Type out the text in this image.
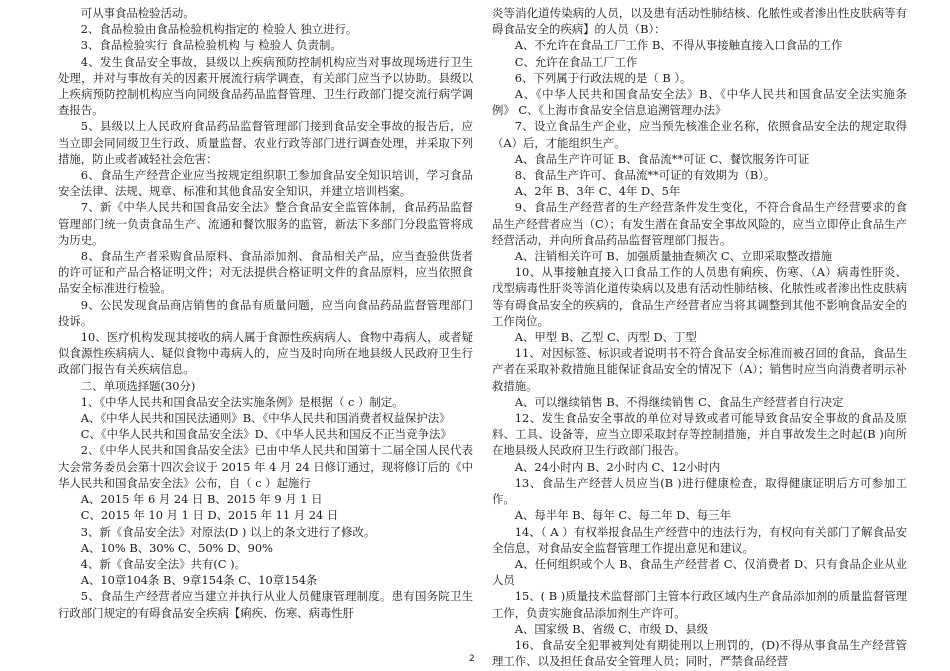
可从事食品检验活动。

2、食品检验由食品检验机构指定的 检验人 独立进行。

3、食品检验实行 食品检验机构 与 检验人 负责制。

4、发生食品安全事故，县级以上疾病预防控制机构应当对事故现场进行卫生处理，并对与事故有关的因素开展流行病学调查，有关部门应当予以协助。县级以上疾病预防控制机构应当向同级食品药品监督管理、卫生行政部门提交流行病学调查报告。

5、县级以上人民政府食品药品监督管理部门接到食品安全事故的报告后，应当立即会同同级卫生行政、质量监督、农业行政等部门进行调查处理，并采取下列措施，防止或者减轻社会危害：

6、食品生产经营企业应当按规定组织职工参加食品安全知识培训，学习食品安全法律、法规、规章、标准和其他食品安全知识，并建立培训档案。

7、新《中华人民共和国食品安全法》整合食品安全监管体制，食品药品监督管理部门统一负责食品生产、流通和餐饮服务的监管，新法下多部门分段监管将成为历史。

8、食品生产者采购食品原料、食品添加剂、食品相关产品，应当查验供货者的许可证和产品合格证明文件；对无法提供合格证明文件的食品原料，应当依照食品安全标准进行检验。

9、公民发现食品商店销售的食品有质量问题，应当向食品药品监督管理部门投诉。

10、医疗机构发现其接收的病人属于食源性疾病病人、食物中毒病人，或者疑似食源性疾病病人、疑似食物中毒病人的，应当及时向所在地县级人民政府卫生行政部门报告有关疾病信息。

二、单项选择题(30分)

1、《中华人民共和国食品安全法实施条例》是根据（ c ）制定。

A、《中华人民共和国民法通则》B、《中华人民共和国消费者权益保护法》

C、《中华人民共和国食品安全法》D、《中华人民共和国反不正当竞争法》

2、《中华人民共和国食品安全法》已由中华人民共和国第十二届全国人民代表大会常务委员会第十四次会议于 2015 年 4 月 24 日修订通过，现将修订后的《中华人民共和国食品安全法》公布，自（ c ）起施行

A、2015 年 6 月 24 日 B、2015 年 9 月 1 日

C、2015 年 10 月 1 日 D、2015 年 11 月 24 日

3、新《食品安全法》对原法(D ) 以上的条文进行了修改。

A、10% B、30% C、50% D、90%

4、新《食品安全法》共有(C )。

A、10章104条 B、9章154条 C、10章154条

5、食品生产经营者应当建立并执行从业人员健康管理制度。患有国务院卫生行政部门规定的有碍食品安全疾病【痢疾、伤寒、病毒性肝

炎等消化道传染病的人员，以及患有活动性肺结核、化脓性或者渗出性皮肤病等有碍食品安全的疾病】的人员（B）：

A、不允许在食品工厂工作 B、不得从事接触直接入口食品的工作

C、允许在食品工厂工作

6、下列属于行政法规的是（ B ）。

A、《中华人民共和国食品安全法》B、《中华人民共和国食品安全法实施条例》 C、《上海市食品安全信息追溯管理办法》

7、设立食品生产企业，应当预先核准企业名称，依照食品安全法的规定取得（A）后，才能组织生产。

A、食品生产许可证 B、食品流**可证 C、餐饮服务许可证

8、食品生产许可、食品流**可证的有效期为（B）。

A、2年 B、3年 C、4年 D、5年

9、食品生产经营者的生产经营条件发生变化，不符合食品生产经营要求的食品生产经营者应当（C）；有发生潜在食品安全事故风险的，应当立即停止食品生产经营活动，并向所食品药品监督管理部门报告。

A、注销相关许可 B、加强质量抽查频次 C、立即采取整改措施

10、从事接触直接入口食品工作的人员患有痢疾、伤寒、（A）病毒性肝炎、戊型病毒性肝炎等消化道传染病以及患有活动性肺结核、化脓性或者渗出性皮肤病等有碍食品安全的疾病的，食品生产经营者应当将其调整到其他不影响食品安全的工作岗位。

A、甲型 B、乙型 C、丙型 D、丁型

11、对因标签、标识或者说明书不符合食品安全标准而被召回的食品，食品生产者在采取补救措施且能保证食品安全的情况下（A）；销售时应当向消费者明示补救措施。

A、可以继续销售 B、不得继续销售 C、食品生产经营者自行决定

12、发生食品安全事故的单位对导致或者可能导致食品安全事故的食品及原料、工具、设备等，应当立即采取封存等控制措施，并自事故发生之时起(B )向所在地县级人民政府卫生行政部门报告。

A、24小时内 B、2小时内 C、12小时内

13、食品生产经营人员应当(B )进行健康检查，取得健康证明后方可参加工作。

A、每半年 B、每年 C、每二年 D、每三年

14、（ A ）有权举报食品生产经营中的违法行为，有权向有关部门了解食品安全信息，对食品安全监督管理工作提出意见和建议。

A、任何组织或个人 B、食品生产经营者 C、仅消费者 D、只有食品企业从业人员

15、( B )质量技术监督部门主管本行政区域内生产食品添加剂的质量监督管理工作，负责实施食品添加剂生产许可。

A、国家级 B、省级 C、市级 D、县级

16、食品安全犯罪被判处有期徒刑以上刑罚的，(D)不得从事食品生产经营管理工作、以及担任食品安全管理人员；同时，严禁食品经营

2
